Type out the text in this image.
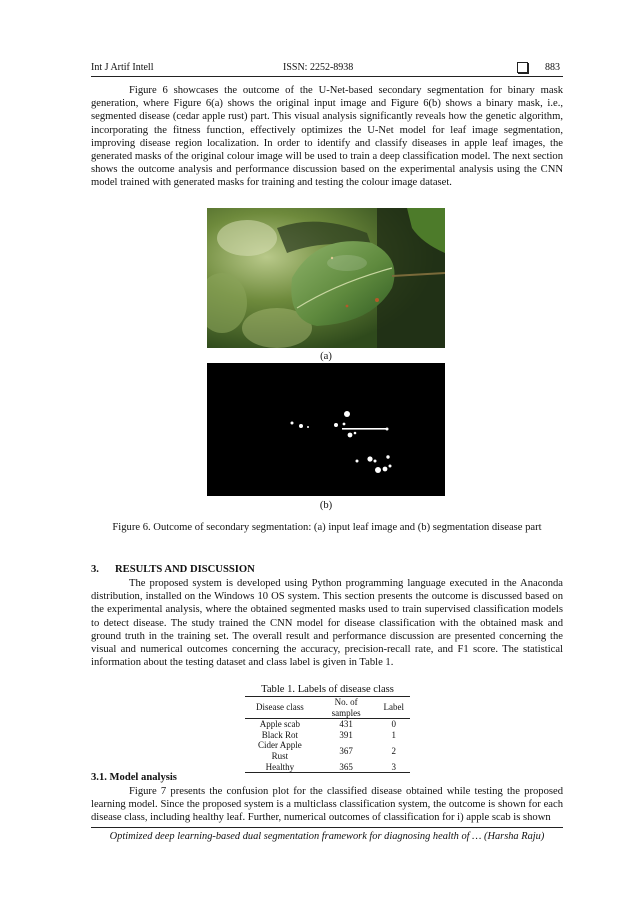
Int J Artif Intell	ISSN: 2252-8938	883

Figure 6 showcases the outcome of the U-Net-based secondary segmentation for binary mask generation, where Figure 6(a) shows the original input image and Figure 6(b) shows a binary mask, i.e., segmented disease (cedar apple rust) part. This visual analysis significantly reveals how the genetic algorithm, incorporating the fitness function, effectively optimizes the U-Net model for leaf image segmentation, improving disease region localization. In order to identify and classify diseases in apple leaf images, the generated masks of the original colour image will be used to train a deep classification model. The next section shows the outcome analysis and performance discussion based on the experimental analysis using the CNN model trained with generated masks for training and testing the colour image dataset.

(a)
(b)
Figure 6. Outcome of secondary segmentation: (a) input leaf image and (b) segmentation disease part
3. RESULTS AND DISCUSSION

The proposed system is developed using Python programming language executed in the Anaconda distribution, installed on the Windows 10 OS system. This section presents the outcome is discussed based on the experimental analysis, where the obtained segmented masks used to train supervised classification models to detect disease. The study trained the CNN model for disease classification with the obtained mask and ground truth in the training set. The overall result and performance discussion are presented concerning the visual and numerical outcomes concerning the accuracy, precision-recall rate, and F1 score. The statistical information about the testing dataset and class label is given in Table 1.

Table 1. Labels of disease class
Disease class	No. of samples	Label
Apple scab	431	0
Black Rot	391	1
Cider Apple Rust	367	2
Healthy	365	3
3.1. Model analysis

Figure 7 presents the confusion plot for the classified disease obtained while testing the proposed learning model. Since the proposed system is a multiclass classification system, the outcome is shown for each disease class, including healthy leaf. Further, numerical outcomes of classification for i) apple scab is shown

Optimized deep learning-based dual segmentation framework for diagnosing health of … (Harsha Raju)
